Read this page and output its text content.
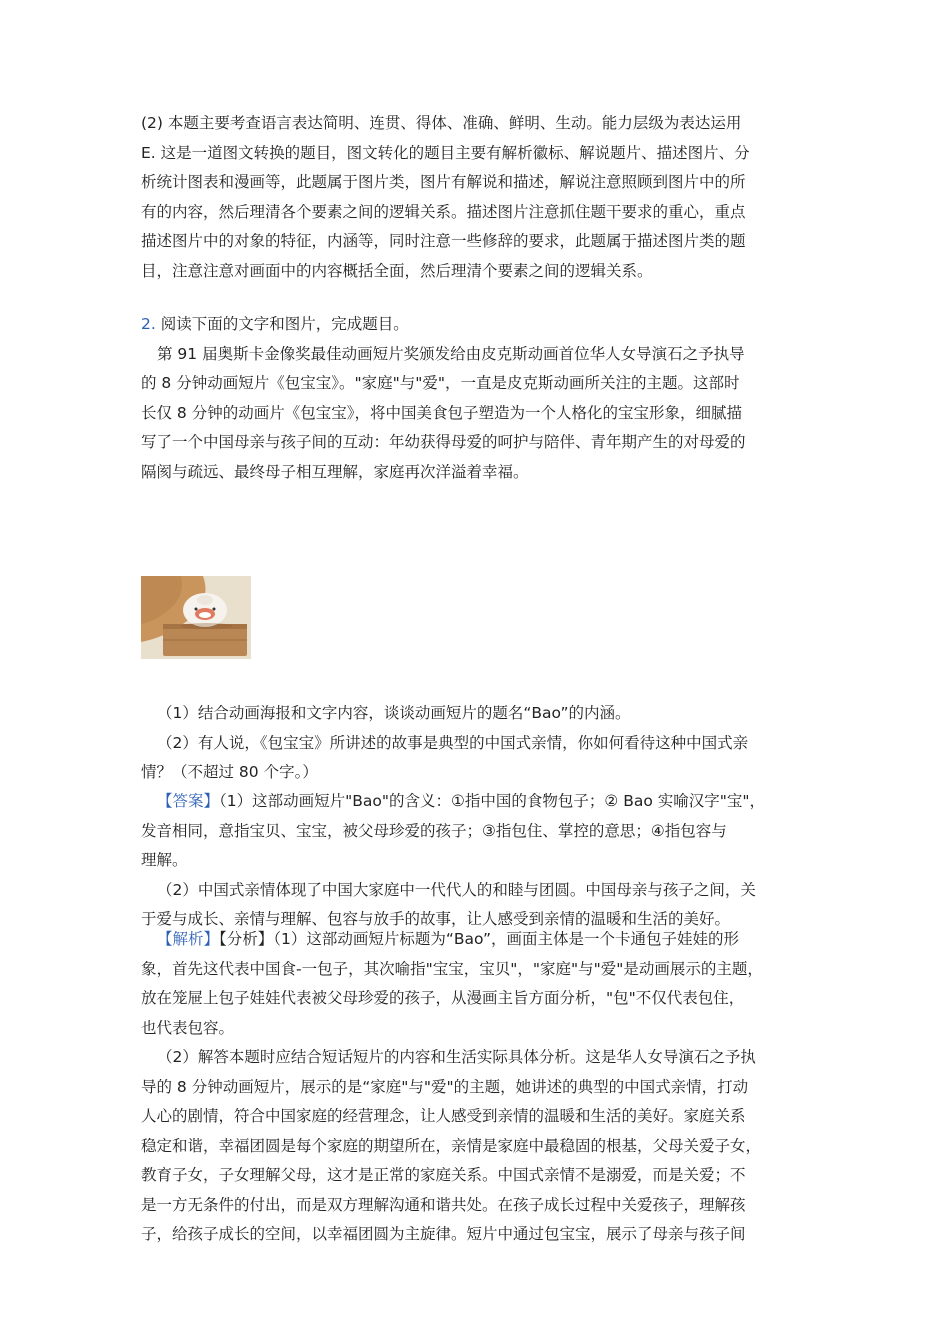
(2) 本题主要考查语言表达简明、连贯、得体、准确、鲜明、生动。能力层级为表达运用
E. 这是一道图文转换的题目，图文转化的题目主要有解析徽标、解说题片、描述图片、分
析统计图表和漫画等，此题属于图片类，图片有解说和描述，解说注意照顾到图片中的所
有的内容，然后理清各个要素之间的逻辑关系。描述图片注意抓住题干要求的重心，重点
描述图片中的对象的特征，内涵等，同时注意一些修辞的要求，此题属于描述图片类的题
目，注意注意对画面中的内容概括全面，然后理清个要素之间的逻辑关系。
2. 阅读下面的文字和图片，完成题目。
第 91 届奥斯卡金像奖最佳动画短片奖颁发给由皮克斯动画首位华人女导演石之予执导
的 8 分钟动画短片《包宝宝》。"家庭"与"爱"，一直是皮克斯动画所关注的主题。这部时
长仅 8 分钟的动画片《包宝宝》，将中国美食包子塑造为一个人格化的宝宝形象，细腻描
写了一个中国母亲与孩子间的互动：年幼获得母爱的呵护与陪伴、青年期产生的对母爱的
隔阂与疏远、最终母子相互理解，家庭再次洋溢着幸福。
（1）结合动画海报和文字内容，谈谈动画短片的题名“Bao”的内涵。
（2）有人说，《包宝宝》所讲述的故事是典型的中国式亲情，你如何看待这种中国式亲
情？（不超过 80 个字。）
【答案】（1）这部动画短片"Bao"的含义：①指中国的食物包子；② Bao 实喻汉字"宝"，
发音相同，意指宝贝、宝宝，被父母珍爱的孩子；③指包住、掌控的意思；④指包容与
理解。
（2）中国式亲情体现了中国大家庭中一代代人的和睦与团圆。中国母亲与孩子之间，关
于爱与成长、亲情与理解、包容与放手的故事，让人感受到亲情的温暖和生活的美好。
【解析】【分析】（1）这部动画短片标题为“Bao”，画面主体是一个卡通包子娃娃的形
象，首先这代表中国食-一包子，其次喻指"宝宝，宝贝"，"家庭"与"爱"是动画展示的主题，
放在笼屉上包子娃娃代表被父母珍爱的孩子，从漫画主旨方面分析，"包"不仅代表包住，
也代表包容。
（2）解答本题时应结合短话短片的内容和生活实际具体分析。这是华人女导演石之予执
导的 8 分钟动画短片，展示的是“家庭"与"爱"的主题，她讲述的典型的中国式亲情，打动
人心的剧情，符合中国家庭的经营理念，让人感受到亲情的温暖和生活的美好。家庭关系
稳定和谐，幸福团圆是每个家庭的期望所在，亲情是家庭中最稳固的根基，父母关爱子女，
教育子女，子女理解父母，这才是正常的家庭关系。中国式亲情不是溺爱，而是关爱；不
是一方无条件的付出，而是双方理解沟通和谐共处。在孩子成长过程中关爱孩子，理解孩
子，给孩子成长的空间，以幸福团圆为主旋律。短片中通过包宝宝，展示了母亲与孩子间
